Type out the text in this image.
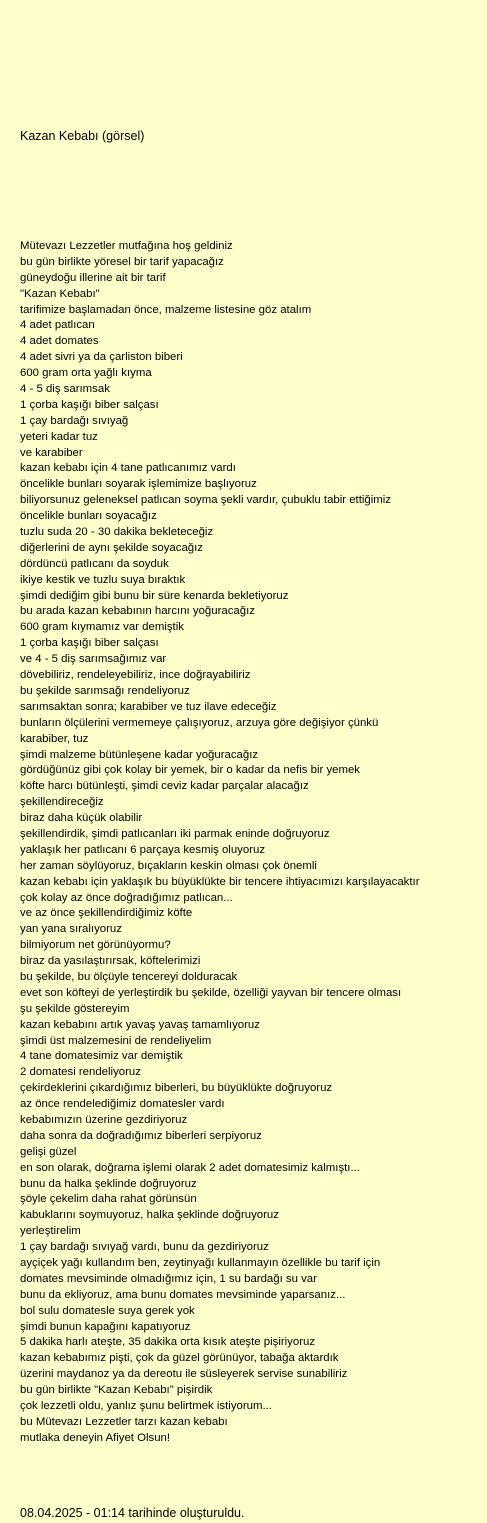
Kazan Kebabı (görsel)
Mütevazı Lezzetler mutfağına hoş geldiniz
bu gün birlikte yöresel bir tarif yapacağız
güneydoğu illerine ait bir tarif
"Kazan Kebabı"
tarifimize başlamadan önce, malzeme listesine göz atalım
4 adet patlıcan
4 adet domates
4 adet sivri ya da çarliston biberi
600 gram orta yağlı kıyma
4 - 5 diş sarımsak
1 çorba kaşığı biber salçası
1 çay bardağı sıvıyağ
yeteri kadar tuz
ve karabiber
kazan kebabı için 4 tane patlıcanımız vardı
öncelikle bunları soyarak işlemimize başlıyoruz
biliyorsunuz geleneksel patlıcan soyma şekli vardır, çubuklu tabir ettiğimiz
öncelikle bunları soyacağız
tuzlu suda 20 - 30 dakika bekleteceğiz
diğerlerini de aynı şekilde soyacağız
dördüncü patlıcanı da soyduk
ikiye kestik ve tuzlu suya bıraktık
şimdi dediğim gibi bunu bir süre kenarda bekletiyoruz
bu arada kazan kebabının harcını yoğuracağız
600 gram kıymamız var demiştik
1 çorba kaşığı biber salçası
ve 4 - 5 diş sarımsağımız var
dövebiliriz, rendeleyebiliriz, ince doğrayabiliriz
bu şekilde sarımsağı rendeliyoruz
sarımsaktan sonra; karabiber ve tuz ilave edeceğiz
bunların ölçülerini vermemeye çalışıyoruz, arzuya göre değişiyor çünkü
karabiber, tuz
şimdi malzeme bütünleşene kadar yoğuracağız
gördüğünüz gibi çok kolay bir yemek, bir o kadar da nefis bir yemek
köfte harcı bütünleşti, şimdi ceviz kadar parçalar alacağız
şekillendireceğiz
biraz daha küçük olabilir
şekillendirdik, şimdi patlıcanları iki parmak eninde doğruyoruz
yaklaşık her patlıcanı 6 parçaya kesmiş oluyoruz
her zaman söylüyoruz, bıçakların keskin olması çok önemli
kazan kebabı için yaklaşık bu büyüklükte bir tencere ihtiyacımızı karşılayacaktır
çok kolay az önce doğradığımız patlıcan...
ve az önce şekillendirdiğimiz köfte
yan yana sıralıyoruz
bilmiyorum net görünüyormu?
biraz da yasılaştırırsak, köftelerimizi
bu şekilde, bu ölçüyle tencereyi dolduracak
evet son köfteyi de yerleştirdik bu şekilde, özelliği yayvan bir tencere olması
şu şekilde göstereyim
kazan kebabını artık yavaş yavaş tamamlıyoruz
şimdi üst malzemesini de rendeliyelim
4 tane domatesimiz var demiştik
2 domatesi rendeliyoruz
çekirdeklerini çıkardığımız biberleri, bu büyüklükte doğruyoruz
az önce rendelediğimiz domatesler vardı
kebabımızın üzerine gezdiriyoruz
daha sonra da doğradığımız biberleri serpiyoruz
gelişi güzel
en son olarak, doğrama işlemi olarak 2 adet domatesimiz kalmıştı...
bunu da halka şeklinde doğruyoruz
şöyle çekelim daha rahat görünsün
kabuklarını soymuyoruz, halka şeklinde doğruyoruz
yerleştirelim
1 çay bardağı sıvıyağ vardı, bunu da gezdiriyoruz
ayçiçek yağı kullandım ben, zeytinyağı kullanmayın özellikle bu tarif için
domates mevsiminde olmadığımız için, 1 su bardağı su var
bunu da ekliyoruz, ama bunu domates mevsiminde yaparsanız...
bol sulu domatesle suya gerek yok
şimdi bunun kapağını kapatıyoruz
5 dakika harlı ateşte, 35 dakika orta kısık ateşte pişiriyoruz
kazan kebabımız pişti, çok da güzel görünüyor, tabağa aktardık
üzerini maydanoz ya da dereotu ile süsleyerek servise sunabiliriz
bu gün birlikte "Kazan Kebabı" pişirdik
çok lezzetli oldu, yanlız şunu belirtmek istiyorum...
bu Mütevazı Lezzetler tarzı kazan kebabı
mutlaka deneyin Afiyet Olsun!
08.04.2025 - 01:14 tarihinde oluşturuldu.
